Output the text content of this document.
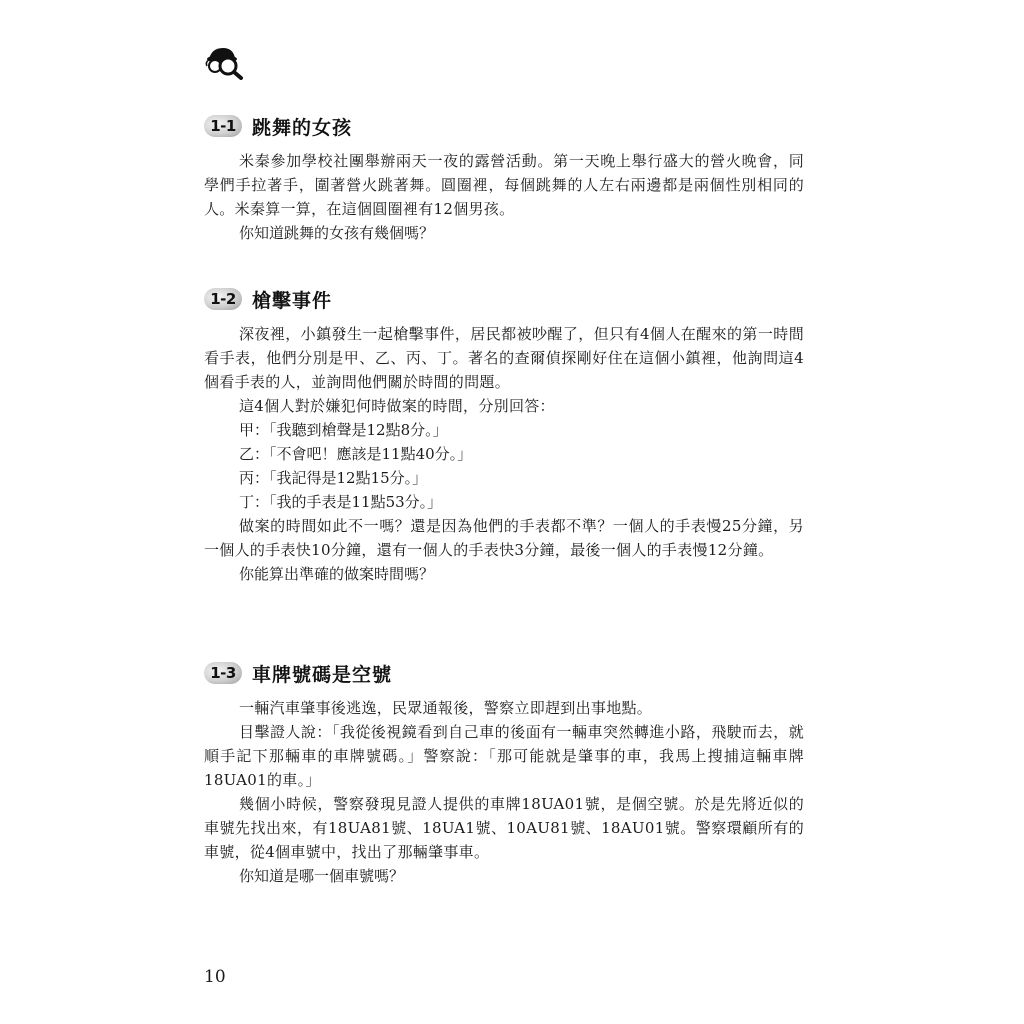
1-1 跳舞的女孩

米秦參加學校社團舉辦兩天一夜的露營活動。第一天晚上舉行盛大的營火晚會，同學們手拉著手，圍著營火跳著舞。圓圈裡，每個跳舞的人左右兩邊都是兩個性別相同的人。米秦算一算，在這個圓圈裡有12個男孩。

你知道跳舞的女孩有幾個嗎？

1-2 槍擊事件

深夜裡，小鎮發生一起槍擊事件，居民都被吵醒了，但只有4個人在醒來的第一時間看手表，他們分別是甲、乙、丙、丁。著名的查爾偵探剛好住在這個小鎮裡，他詢問這4個看手表的人，並詢問他們關於時間的問題。

這4個人對於嫌犯何時做案的時間，分別回答：

甲：「我聽到槍聲是12點8分。」

乙：「不會吧！應該是11點40分。」

丙：「我記得是12點15分。」

丁：「我的手表是11點53分。」

做案的時間如此不一嗎？還是因為他們的手表都不準？一個人的手表慢25分鐘，另一個人的手表快10分鐘，還有一個人的手表快3分鐘，最後一個人的手表慢12分鐘。

你能算出準確的做案時間嗎？

1-3 車牌號碼是空號

一輛汽車肇事後逃逸，民眾通報後，警察立即趕到出事地點。

目擊證人說：「我從後視鏡看到自己車的後面有一輛車突然轉進小路，飛駛而去，就順手記下那輛車的車牌號碼。」警察說：「那可能就是肇事的車，我馬上搜捕這輛車牌18UA01的車。」

幾個小時候，警察發現見證人提供的車牌18UA01號，是個空號。於是先將近似的車號先找出來，有18UA81號、18UA1號、10AU81號、18AU01號。警察環顧所有的車號，從4個車號中，找出了那輛肇事車。

你知道是哪一個車號嗎？

10
